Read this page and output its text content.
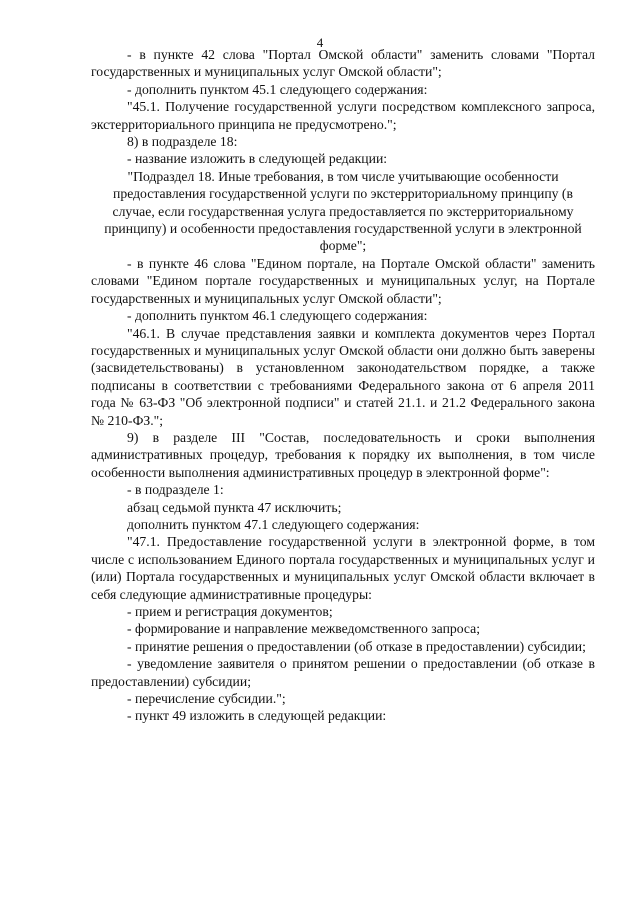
4

- в пункте 42 слова "Портал Омской области" заменить словами "Портал государственных и муниципальных услуг Омской области";

- дополнить пунктом 45.1 следующего содержания:

"45.1. Получение государственной услуги посредством комплексного запроса, экстерриториального принципа не предусмотрено.";

8) в подразделе 18:

- название изложить в следующей редакции:

"Подраздел 18. Иные требования, в том числе учитывающие особенности предоставления государственной услуги по экстерриториальному принципу (в случае, если государственная услуга предоставляется по экстерриториальному принципу) и особенности предоставления государственной услуги в электронной форме";

- в пункте 46 слова "Едином портале, на Портале Омской области" заменить словами "Едином портале государственных и муниципальных услуг, на Портале государственных и муниципальных услуг Омской области";

- дополнить пунктом 46.1 следующего содержания:

"46.1. В случае представления заявки и комплекта документов через Портал государственных и муниципальных услуг Омской области они должно быть заверены (засвидетельствованы) в установленном законодательством порядке, а также подписаны в соответствии с требованиями Федерального закона от 6 апреля 2011 года № 63-ФЗ "Об электронной подписи" и статей 21.1. и 21.2 Федерального закона № 210-ФЗ.";

9) в разделе III "Состав, последовательность и сроки выполнения административных процедур, требования к порядку их выполнения, в том числе особенности выполнения административных процедур в электронной форме":

- в подразделе 1:

абзац седьмой пункта 47 исключить;

дополнить пунктом 47.1 следующего содержания:

"47.1. Предоставление государственной услуги в электронной форме, в том числе с использованием Единого портала государственных и муниципальных услуг и (или) Портала государственных и муниципальных услуг Омской области включает в себя следующие административные процедуры:

- прием и регистрация документов;

- формирование и направление межведомственного запроса;

- принятие решения о предоставлении (об отказе в предоставлении) субсидии;

- уведомление заявителя о принятом решении о предоставлении (об отказе в предоставлении) субсидии;

- перечисление субсидии.";

- пункт 49 изложить в следующей редакции:
